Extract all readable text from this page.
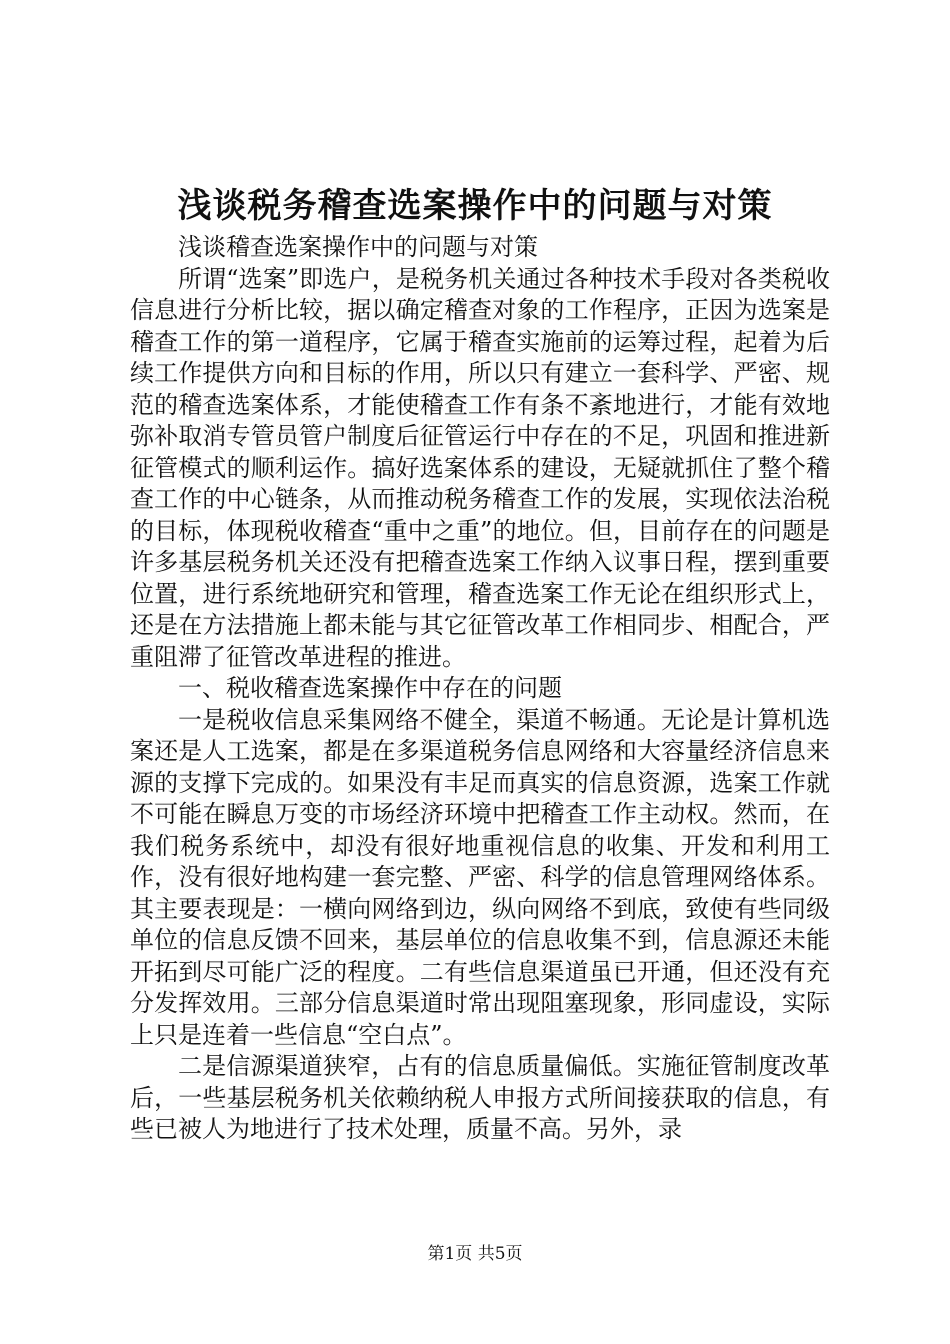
浅谈税务稽查选案操作中的问题与对策

浅谈稽查选案操作中的问题与对策

所谓“选案”即选户，是税务机关通过各种技术手段对各类税收信息进行分析比较，据以确定稽查对象的工作程序，正因为选案是稽查工作的第一道程序，它属于稽查实施前的运筹过程，起着为后续工作提供方向和目标的作用，所以只有建立一套科学、严密、规范的稽查选案体系，才能使稽查工作有条不紊地进行，才能有效地弥补取消专管员管户制度后征管运行中存在的不足，巩固和推进新征管模式的顺利运作。搞好选案体系的建设，无疑就抓住了整个稽查工作的中心链条，从而推动税务稽查工作的发展，实现依法治税的目标，体现税收稽查“重中之重”的地位。但，目前存在的问题是许多基层税务机关还没有把稽查选案工作纳入议事日程，摆到重要位置，进行系统地研究和管理，稽查选案工作无论在组织形式上，还是在方法措施上都未能与其它征管改革工作相同步、相配合，严重阻滞了征管改革进程的推进。

一、税收稽查选案操作中存在的问题

一是税收信息采集网络不健全，渠道不畅通。无论是计算机选案还是人工选案，都是在多渠道税务信息网络和大容量经济信息来源的支撑下完成的。如果没有丰足而真实的信息资源，选案工作就不可能在瞬息万变的市场经济环境中把稽查工作主动权。然而，在我们税务系统中，却没有很好地重视信息的收集、开发和利用工作，没有很好地构建一套完整、严密、科学的信息管理网络体系。其主要表现是：一横向网络到边，纵向网络不到底，致使有些同级单位的信息反馈不回来，基层单位的信息收集不到，信息源还未能开拓到尽可能广泛的程度。二有些信息渠道虽已开通，但还没有充分发挥效用。三部分信息渠道时常出现阻塞现象，形同虚设，实际上只是连着一些信息“空白点”。

二是信源渠道狭窄，占有的信息质量偏低。实施征管制度改革后，一些基层税务机关依赖纳税人申报方式所间接获取的信息，有些已被人为地进行了技术处理，质量不高。另外，录

第1页 共5页
